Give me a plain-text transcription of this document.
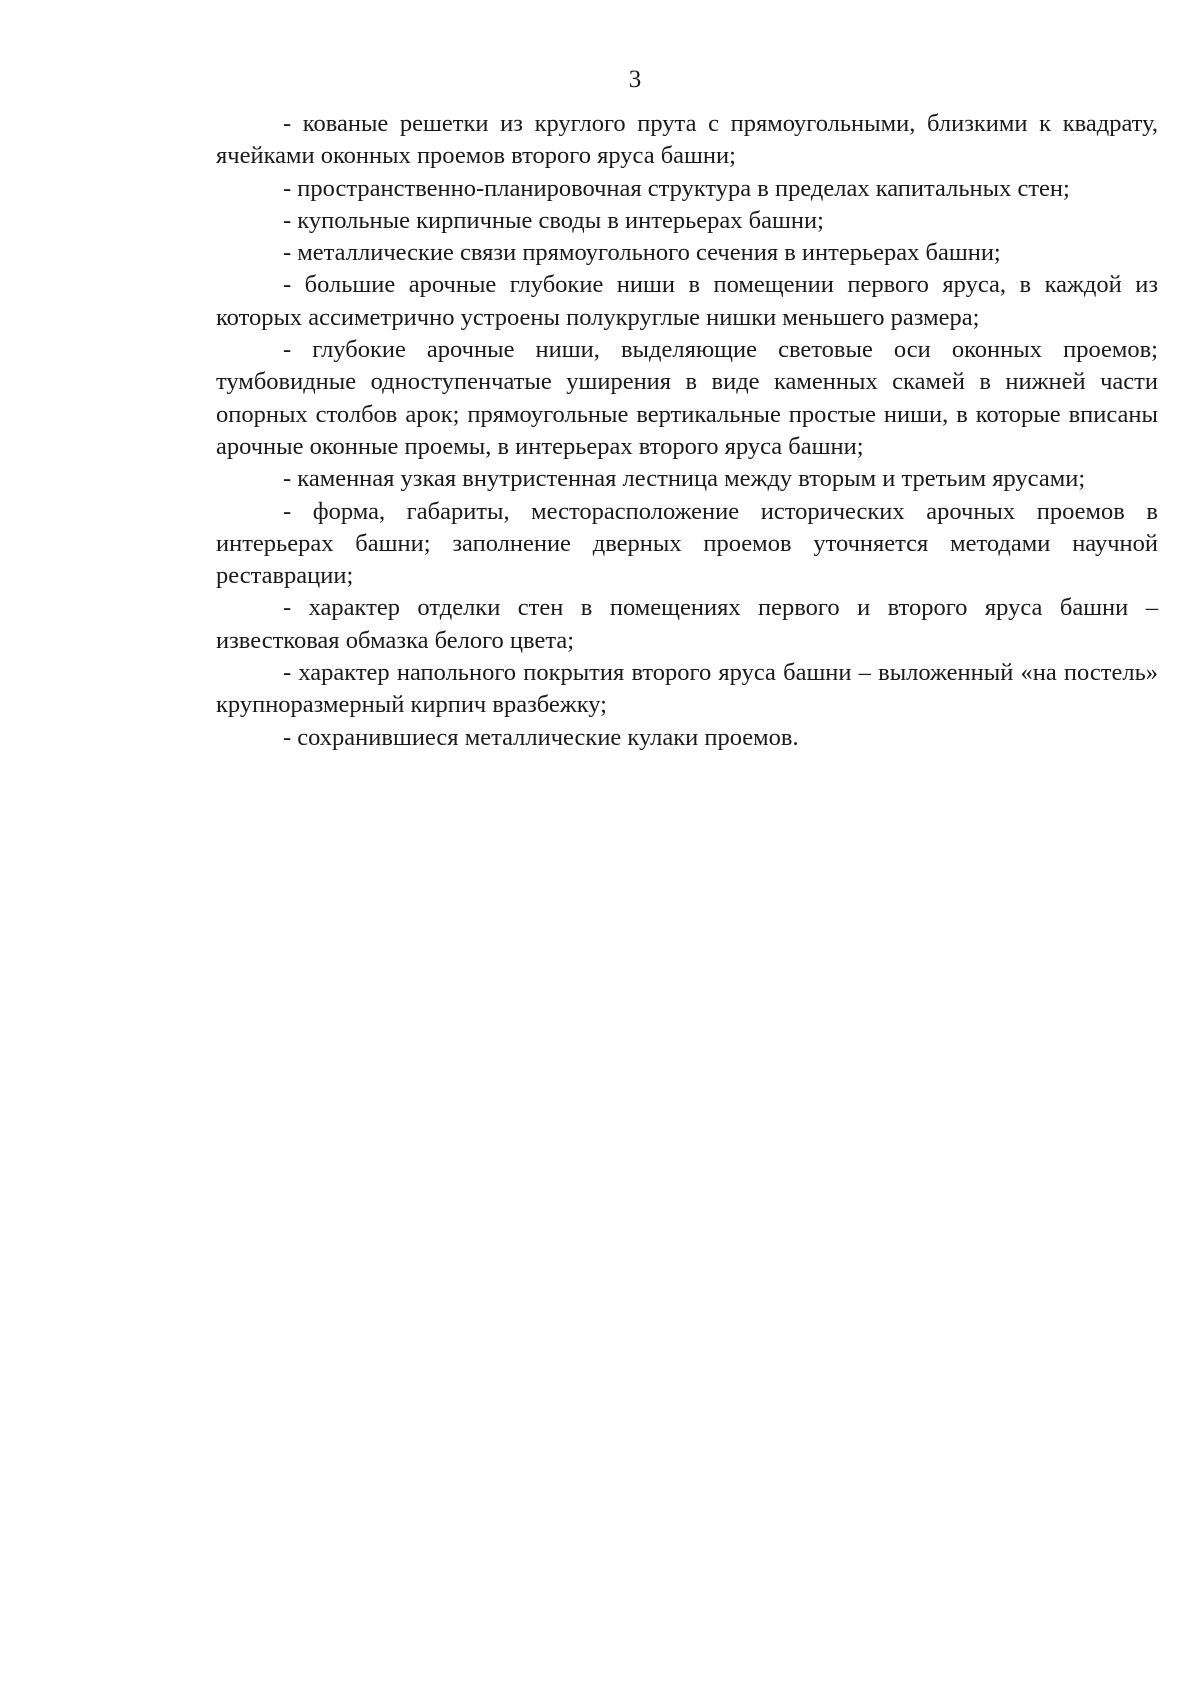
3

- кованые решетки из круглого прута с прямоугольными, близкими к квадрату, ячейками оконных проемов второго яруса башни;

- пространственно-планировочная структура в пределах капитальных стен;

- купольные кирпичные своды в интерьерах башни;

- металлические связи прямоугольного сечения в интерьерах башни;

- большие арочные глубокие ниши в помещении первого яруса, в каждой из которых ассиметрично устроены полукруглые нишки меньшего размера;

- глубокие арочные ниши, выделяющие световые оси оконных проемов; тумбовидные одноступенчатые уширения в виде каменных скамей в нижней части опорных столбов арок; прямоугольные вертикальные простые ниши, в которые вписаны арочные оконные проемы, в интерьерах второго яруса башни;

- каменная узкая внутристенная лестница между вторым и третьим ярусами;

- форма, габариты, месторасположение исторических арочных проемов в интерьерах башни; заполнение дверных проемов уточняется методами научной реставрации;

- характер отделки стен в помещениях первого и второго яруса башни – известковая обмазка белого цвета;

- характер напольного покрытия второго яруса башни – выложенный «на постель» крупноразмерный кирпич вразбежку;

- сохранившиеся металлические кулаки проемов.
